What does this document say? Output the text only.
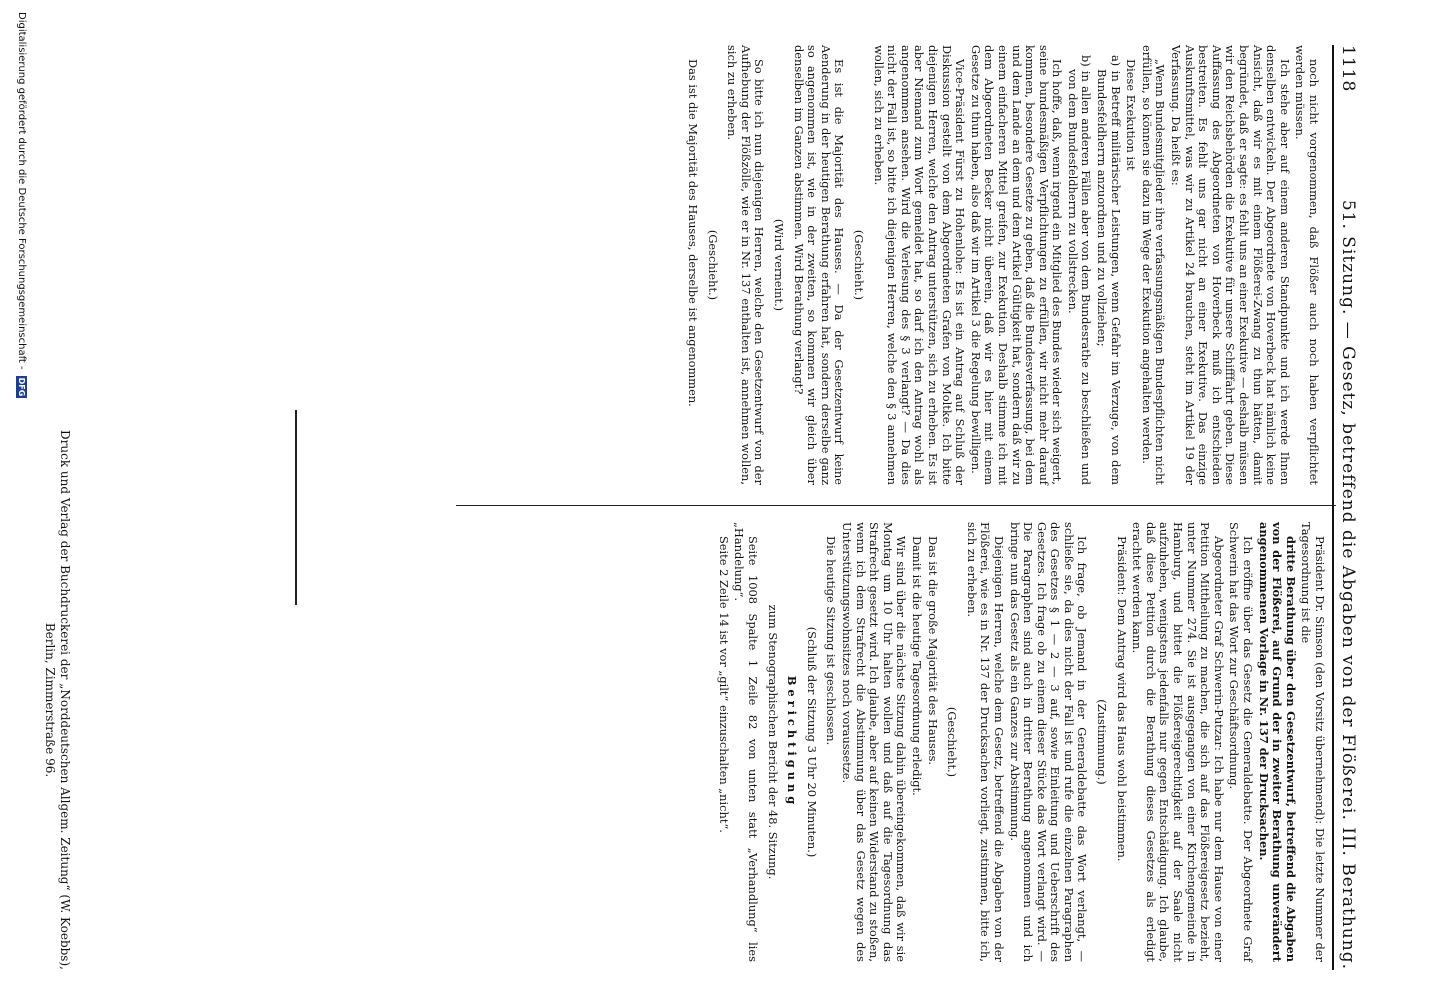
1118
51. Sitzung. — Gesetz, betreffend die Abgaben von der Flößerei. III. Berathung.

noch nicht vorgenommen, daß Flößer auch noch haben verpflichtet werden müssen.

Ich stehe aber auf einem anderen Standpunkte und ich werde Ihnen denselben entwickeln. Der Abgeordnete von Hoverbeck hat nämlich keine Ansicht, daß wir es mit einem Flößerei-Zwang zu thun hätten, damit begründet, daß er sagte: es fehlt uns an einer Exekutive — deshalb müssen wir den Reichsbehörden die Exekutive für unsere Schifffahrt geben. Diese Auffassung des Abgeordneten von Hoverbeck muß ich entschieden bestreiten. Es fehlt uns gar nicht an einer Exekutive. Das einzige Auskunftsmittel, was wir zu Artikel 24 brauchen, steht im Artikel 19 der Verfassung. Da heißt es:

„Wenn Bundesmitglieder ihre verfassungsmäßigen Bundespflichten nicht erfüllen, so können sie dazu im Wege der Exekution angehalten werden.

Diese Exekution ist

a) in Betreff militärischer Leistungen, wenn Gefahr im Verzuge, von dem Bundesfeldherrn anzuordnen und zu vollziehen;

b) in allen anderen Fällen aber von dem Bundesrathe zu beschließen und von dem Bundesfeldherrn zu vollstrecken.

Ich hoffe, daß, wenn irgend ein Mitglied des Bundes wieder sich weigert, seine bundesmäßigen Verpflichtungen zu erfüllen, wir nicht mehr darauf kommen, besondere Gesetze zu geben, daß die Bundesverfassung, bei dem und dem Lande an dem und dem Artikel Gültigkeit hat, sondern daß wir zu einem einfacheren Mittel greifen, zur Exekution. Deshalb stimme ich mit dem Abgeordneten Becker nicht überein, daß wir es hier mit einem Gesetze zu thun haben, also daß wir im Artikel 3 die Regelung bewilligen.

Vice-Präsident Fürst zu Hohenlohe: Es ist ein Antrag auf Schluß der Diskussion gestellt von dem Abgeordneten Grafen von Moltke. Ich bitte diejenigen Herren, welche den Antrag unterstützen, sich zu erheben. Es ist aber Niemand zum Wort gemeldet hat, so darf ich den Antrag wohl als angenommen ansehen. Wird die Verlesung des § 3 verlangt? — Da dies nicht der Fall ist, so bitte ich diejenigen Herren, welche den § 3 annehmen wollen, sich zu erheben.

(Geschieht.)

Es ist die Majorität des Hauses. — Da der Gesetzentwurf keine Aenderung in der heutigen Berathung erfahren hat, sondern derselbe ganz so angenommen ist, wie in der zweiten, so kommen wir gleich über denselben im Ganzen abstimmen. Wird Berathung verlangt?

(Wird verneint.)

So bitte ich nun diejenigen Herren, welche den Gesetzentwurf von der Aufhebung der Flößzölle, wie er in Nr. 137 enthalten ist, annehmen wollen, sich zu erheben.

(Geschieht.)

Das ist die Majorität des Hauses, derselbe ist angenommen.

Präsident Dr. Simson (den Vorsitz übernehmend): Die letzte Nummer der Tagesordnung ist die

dritte Berathung über den Gesetzentwurf, betreffend die Abgaben von der Flößerei, auf Grund der in zweiter Berathung unverändert angenommenen Vorlage in Nr. 137 der Drucksachen.

Ich eröffne über das Gesetz die Generaldebatte. Der Abgeordnete Graf Schwerin hat das Wort zur Geschäftsordnung.

Abgeordneter Graf Schwerin-Putzar: Ich habe nur dem Hause von einer Petition Mittheilung zu machen, die sich auf das Flößereigesetz bezieht, unter Nummer 274. Sie ist ausgegangen von einer Kirchengemeinde in Hamburg, und bittet die Flößereigerechtigkeit auf der Saale nicht aufzuheben, wenigstens jedenfalls nur gegen Entschädigung. Ich glaube, daß diese Petition durch die Berathung dieses Gesetzes als erledigt erachtet werden kann.

Präsident: Dem Antrag wird das Haus wohl beistimmen.

(Zustimmung.)

Ich frage, ob Jemand in der Generaldebatte das Wort verlangt, — schließe sie, da dies nicht der Fall ist und rufe die einzelnen Paragraphen des Gesetzes § 1 — 2 — 3 auf, sowie Einleitung und Ueberschrift des Gesetzes. Ich frage ob zu einem dieser Stücke das Wort verlangt wird. — Die Paragraphen sind auch in dritter Berathung angenommen und ich bringe nun das Gesetz als ein Ganzes zur Abstimmung.

Diejenigen Herren, welche dem Gesetz, betreffend die Abgaben von der Flößerei, wie es in Nr. 137 der Drucksachen vorliegt, zustimmen, bitte ich, sich zu erheben.

(Geschieht.)

Das ist die große Majorität des Hauses.

Damit ist die heutige Tagesordnung erledigt.

Wir sind über die nächste Sitzung dahin übereingekommen, daß wir sie Montag um 10 Uhr halten wollen und daß auf die Tagesordnung das Strafrecht gesetzt wird. Ich glaube, aber auf keinen Widerstand zu stoßen, wenn ich dem Strafrecht die Abstimmung über das Gesetz wegen des Unterstützungswohnsitzes noch voraussetze.

Die heutige Sitzung ist geschlossen.

(Schluß der Sitzung 3 Uhr 20 Minuten.)

Berichtigung

zum Stenographischen Bericht der 48. Sitzung.

Seite 1008 Spalte 1 Zeile 82 von unten statt „Verhandlung“ lies „Handelung“.

Seite 2 Zeile 14 ist vor „gilt“ einzuschalten „nicht“.

Druck und Verlag der Buchdruckerei der „Norddeutschen Allgem. Zeitung“ (W. Koebbs),
Berlin, Zimmerstraße 96.
Digitalisierung gefördert durch die Deutsche Forschungsgemeinschaft -
DFG
